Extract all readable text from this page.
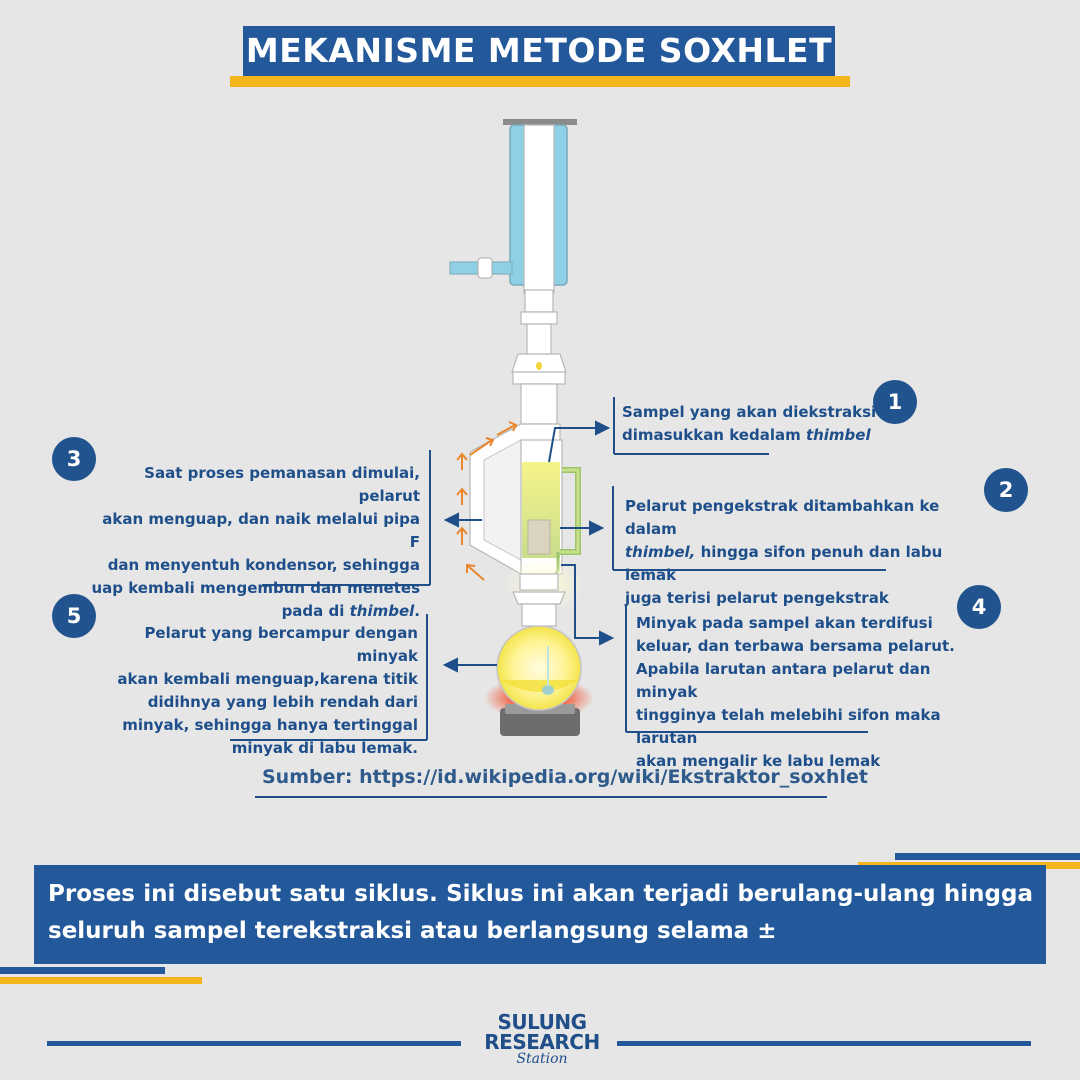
MEKANISME METODE SOXHLET
1
Sampel yang akan diekstraksi
dimasukkan kedalam thimbel
2
Pelarut pengekstrak ditambahkan ke dalam
thimbel, hingga sifon penuh dan labu lemak
juga terisi pelarut pengekstrak
3
Saat proses pemanasan dimulai, pelarut
akan menguap, dan naik melalui pipa F
dan menyentuh kondensor, sehingga
uap kembali mengembun dan menetes
pada di thimbel.	4
Minyak pada sampel akan terdifusi
keluar, dan terbawa bersama pelarut.
Apabila larutan antara pelarut dan minyak
tingginya telah melebihi sifon maka larutan
akan mengalir ke labu lemak
5
Pelarut yang bercampur dengan minyak
akan kembali menguap,karena titik
didihnya yang lebih rendah dari
minyak, sehingga hanya tertinggal
minyak di labu lemak.
Sumber: https://id.wikipedia.org/wiki/Ekstraktor_soxhlet
Proses ini disebut satu siklus. Siklus ini akan terjadi berulang-ulang hingga seluruh sampel terekstraksi atau berlangsung selama ±
SULUNG
RESEARCH
Station
